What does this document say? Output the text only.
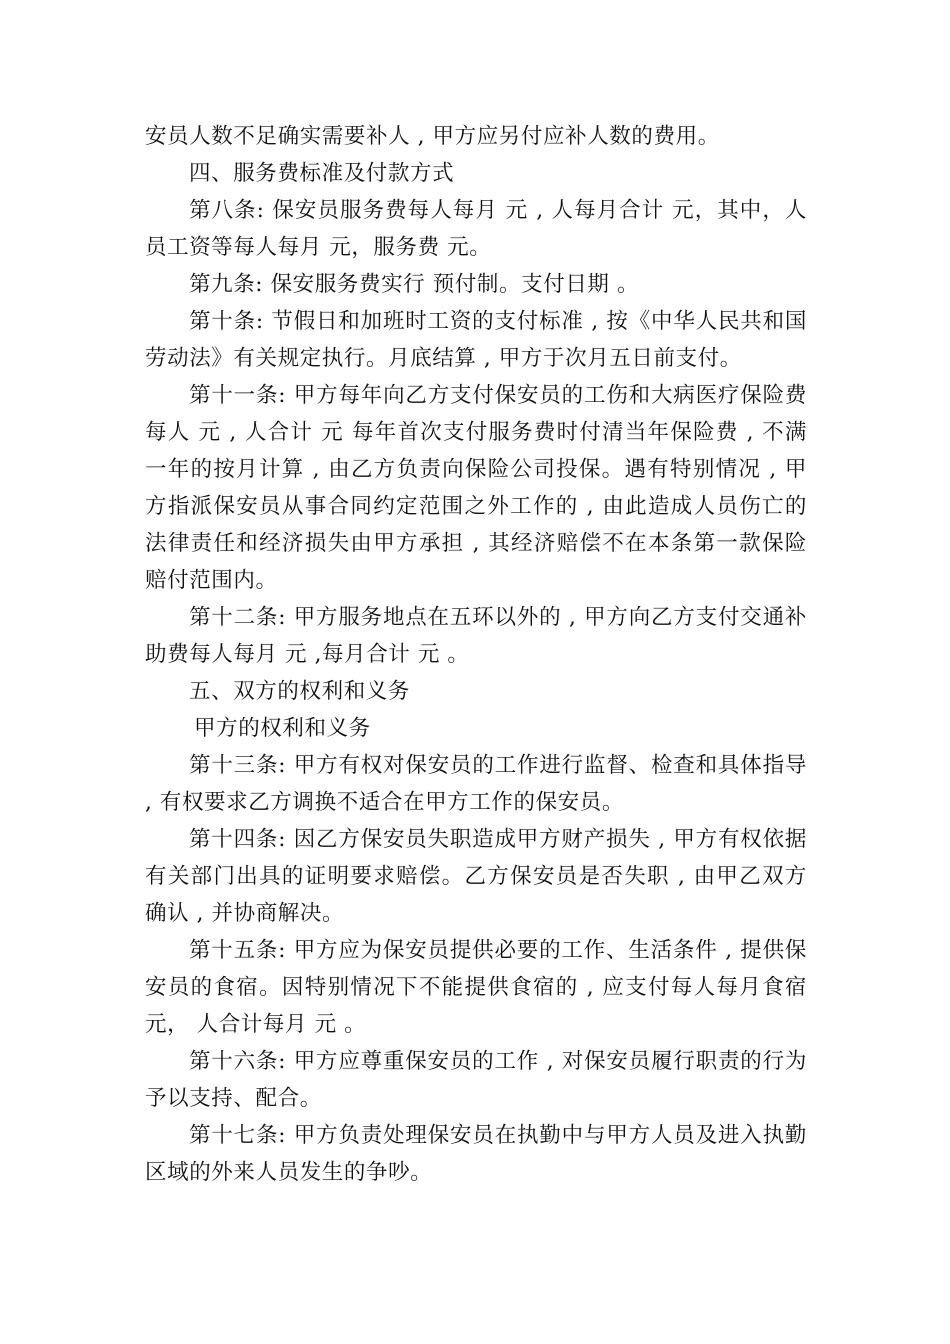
安员人数不足确实需要补人 , 甲方应另付应补人数的费用。

四、服务费标准及付款方式

第八条: 保安员服务费每人每月 元 , 人每月合计 元，其中，人员工资等每人每月 元，服务费 元。

第九条: 保安服务费实行 预付制。支付日期 。

第十条: 节假日和加班时工资的支付标准 , 按《中华人民共和国劳动法》有关规定执行。月底结算 , 甲方于次月五日前支付。

第十一条: 甲方每年向乙方支付保安员的工伤和大病医疗保险费每人 元 , 人合计 元 每年首次支付服务费时付清当年保险费 , 不满一年的按月计算 , 由乙方负责向保险公司投保。遇有特别情况 , 甲方指派保安员从事合同约定范围之外工作的 , 由此造成人员伤亡的法律责任和经济损失由甲方承担 , 其经济赔偿不在本条第一款保险赔付范围内。

第十二条: 甲方服务地点在五环以外的 , 甲方向乙方支付交通补助费每人每月 元 ,每月合计 元 。

五、双方的权利和义务

甲方的权利和义务

第十三条: 甲方有权对保安员的工作进行监督、检查和具体指导 , 有权要求乙方调换不适合在甲方工作的保安员。

第十四条: 因乙方保安员失职造成甲方财产损失 , 甲方有权依据有关部门出具的证明要求赔偿。乙方保安员是否失职 , 由甲乙双方确认 , 并协商解决。

第十五条: 甲方应为保安员提供必要的工作、生活条件 , 提供保安员的食宿。因特别情况下不能提供食宿的 , 应支付每人每月食宿元， 人合计每月 元 。

第十六条: 甲方应尊重保安员的工作 , 对保安员履行职责的行为予以支持、配合。

第十七条: 甲方负责处理保安员在执勤中与甲方人员及进入执勤区域的外来人员发生的争吵。
